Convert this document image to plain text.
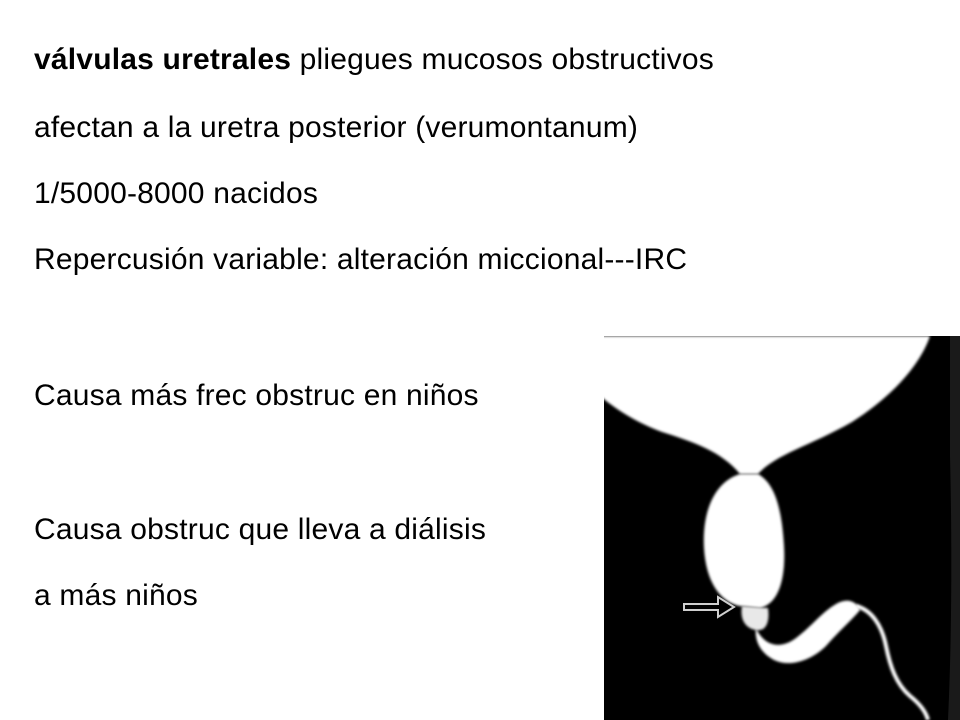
válvulas uretrales pliegues mucosos obstructivos
afectan a la uretra posterior (verumontanum)
1/5000-8000 nacidos
Repercusión variable: alteración miccional---IRC
Causa más frec obstruc en niños
Causa obstruc que lleva a diálisis
a más niños
